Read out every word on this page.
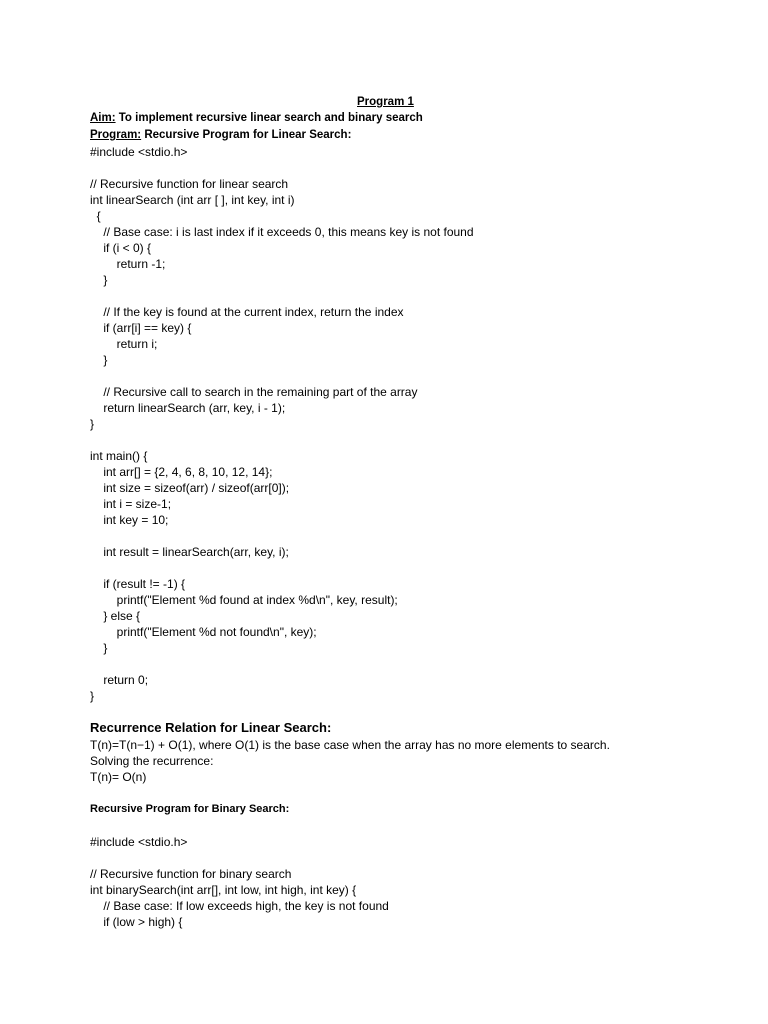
Program 1
Aim: To implement recursive linear search and binary search
Program: Recursive Program for Linear Search:
#include <stdio.h>

// Recursive function for linear search
int linearSearch (int arr [ ], int key, int i)
{
// Base case: i is last index if it exceeds 0, this means key is not found
if (i < 0) {
return -1;
}

// If the key is found at the current index, return the index
if (arr[i] == key) {
return i;
}

// Recursive call to search in the remaining part of the array
return linearSearch (arr, key, i - 1);
}

int main() {
int arr[] = {2, 4, 6, 8, 10, 12, 14};
int size = sizeof(arr) / sizeof(arr[0]);
int i = size-1;
int key = 10;

int result = linearSearch(arr, key, i);

if (result != -1) {
printf("Element %d found at index %d\n", key, result);
} else {
printf("Element %d not found\n", key);
}

return 0;
}
Recurrence Relation for Linear Search:
T(n)=T(n−1) + O(1), where O(1) is the base case when the array has no more elements to search.
Solving the recurrence:
T(n)= O(n)
Recursive Program for Binary Search:
#include <stdio.h>

// Recursive function for binary search
int binarySearch(int arr[], int low, int high, int key) {
// Base case: If low exceeds high, the key is not found
if (low > high) {
